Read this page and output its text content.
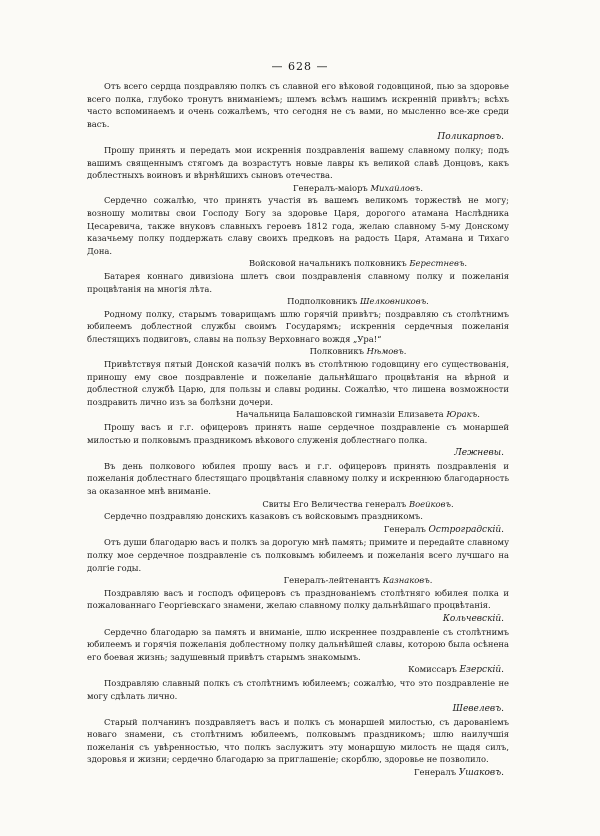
— 628 —

Отъ всего сердца поздравляю полкъ съ славной его вѣковой годовщиной, пью за здоровье всего полка, глубоко тронутъ вниманіемъ; шлемъ всѣмъ нашимъ искренній привѣтъ; всѣхъ часто вспоминаемъ и очень сожалѣемъ, что сегодня не съ вами, но мысленно все-же среди васъ.

Поликарповъ.

Прошу принять и передать мои искреннія поздравленія вашему славному полку; подъ вашимъ священнымъ стягомъ да возрастутъ новые лавры къ великой славѣ Донцовъ, какъ доблестныхъ воиновъ и вѣрнѣйшихъ сыновъ отечества.

Генералъ-маіоръ Михайловъ.

Сердечно сожалѣю, что принять участія въ вашемъ великомъ торжествѣ не могу; возношу молитвы свои Господу Богу за здоровье Царя, дорогого атамана Наслѣдника Цесаревича, также внуковъ славныхъ героевъ 1812 года, желаю славному 5-му Донскому казачьему полку поддержать славу своихъ предковъ на радость Царя, Атамана и Тихаго Дона.

Войсковой начальникъ полковникъ Берестневъ.

Батарея коннаго дивизіона шлетъ свои поздравленія славному полку и пожеланія процвѣтанія на многія лѣта.

Подполковникъ Шелковниковъ.

Родному полку, старымъ товарищамъ шлю горячій привѣтъ; поздравляю съ столѣтнимъ юбилеемъ доблестной службы своимъ Государямъ; искреннія сердечныя пожеланія блестящихъ подвиговъ, славы на пользу Верховнаго вождя „Ура!“

Полковникъ Нѣмовъ.

Привѣтствуя пятый Донской казачій полкъ въ столѣтнюю годовщину его существованія, приношу ему свое поздравленіе и пожеланіе дальнѣйшаго процвѣтанія на вѣрной и доблестной службѣ Царю, для пользы и славы родины. Сожалѣю, что лишена возможности поздравить лично изъ за болѣзни дочери.

Начальница Балашовской гимназіи Елизавета Юракъ.

Прошу васъ и г.г. офицеровъ принять наше сердечное поздравленіе съ монаршей милостью и полковымъ праздникомъ вѣкового служенія доблестнаго полка.

Лежневы.

Въ день полкового юбилея прошу васъ и г.г. офицеровъ принять поздравленія и пожеланія доблестнаго блестящаго процвѣтанія славному полку и искреннюю благодарность за оказанное мнѣ вниманіе.

Свиты Его Величества генералъ Воейковъ.

Сердечно поздравляю донскихъ казаковъ съ войсковымъ праздникомъ.

Генералъ Остроградскій.

Отъ души благодарю васъ и полкъ за дорогую мнѣ память; примите и передайте славному полку мое сердечное поздравленіе съ полковымъ юбилеемъ и пожеланія всего лучшаго на долгіе годы.

Генералъ-лейтенантъ Казнаковъ.

Поздравляю васъ и господъ офицеровъ съ празднованіемъ столѣтняго юбилея полка и пожалованнаго Георгіевскаго знамени, желаю славному полку дальнѣйшаго процвѣтанія.

Кольчевскій.

Сердечно благодарю за память и вниманіе, шлю искреннее поздравленіе съ столѣтнимъ юбилеемъ и горячія пожеланія доблестному полку дальнѣйшей славы, которою была осѣнена его боевая жизнь; задушевный привѣтъ старымъ знакомымъ.

Комиссаръ Езерскій.

Поздравляю славный полкъ съ столѣтнимъ юбилеемъ; сожалѣю, что это поздравленіе не могу сдѣлать лично.

Шевелевъ.

Старый полчанинъ поздравляетъ васъ и полкъ съ монаршей милостью, съ дарованіемъ новаго знамени, съ столѣтнимъ юбилеемъ, полковымъ праздникомъ; шлю наилучшія пожеланія съ увѣренностью, что полкъ заслужитъ эту монаршую милость не щадя силъ, здоровья и жизни; сердечно благодарю за приглашеніе; скорблю, здоровье не позволило.

Генералъ Ушаковъ.
